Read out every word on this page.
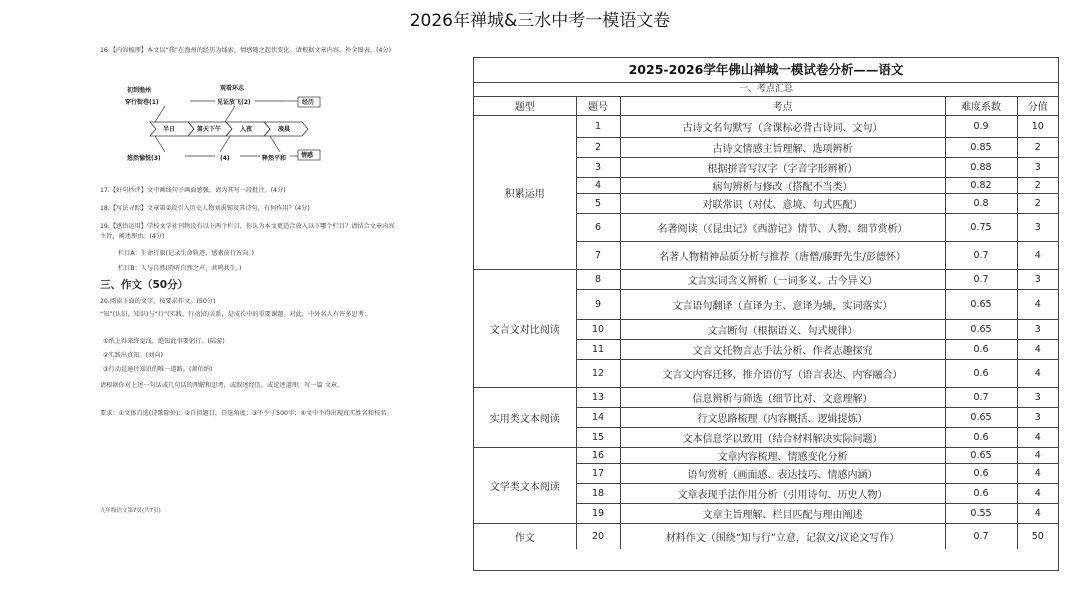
2026年禅城&三水中考一模语文卷

16.【内容梳理】本文以“我”在渔州的经历为线索，情感随之起伏变化。请根据文章内容，补全图表。(4分)

初到渔州	观看环志
穿行街巷(1)	见证放飞(2)	经历
悠然愉悦(3)	(4)	释然平和 情感
半日	第天下午	入夜	凌晨

17.【好句抄评】文中画线句子画面感强，请为其写一段批注。(4分)

18.【写法寻踪】文章第②段引入历史人物刘禹锡及其诗句，有何作用？(4分)

19.【感悟运用】学校文学社刊物设有以下两个栏目，你认为本文更适合放入以下哪个栏目？请结合文章内容主旨，阐述理由。(4分)

栏目A：生命行旅(记录生命轨迹，感素前行方向。)

栏目B：人与自然(聆听自然之声，共鸣共生。)

三、作文（50分）

20.阅读下面的文字，按要求作文。(50分)

“知”(认识、知识)与“行”(实践、行动)的关系，是成长中的重要课题。对此，中外名人有许多思考：

①纸上得来终觉浅，绝知此事要躬行。(陆游)

②实践出真知。(刘向)

③行动是通往知识的唯一道路。(萧伯纳)

请根据你对上述一句话或几句话的理解和思考，或叙述经历，或论述道理，写一篇 文章。

要求：①文体自选(诗歌除外)；②自拟题目，自选角度；③不少于500字；④文中不得出现真实姓名和校名。

九年级语文第7页(共7页)
2025-2026学年佛山禅城一模试卷分析——语文
一、考点汇总
题型	题号	考点	难度系数	分值
积累运用	1	古诗文名句默写（含课标必背古诗词、文句）	0.9	10
	2	古诗文情感主旨理解、选项辨析	0.85	2
	3	根据拼音写汉字（字音字形辨析）	0.88	3
	4	病句辨析与修改（搭配不当类）	0.82	2
	5	对联常识（对仗、意境、句式匹配）	0.8	2
	6	名著阅读（《昆虫记》《西游记》情节、人物、细节赏析）	0.75	3
	7	名著人物精神品质分析与推荐（唐僧/藤野先生/彭德怀）	0.7	4
文言文对比阅读	8	文言实词含义辨析（一词多义、古今异义）	0.7	3
	9	文言语句翻译（直译为主、意译为辅，实词落实）	0.65	4
	10	文言断句（根据语义、句式规律）	0.65	3
	11	文言文托物言志手法分析、作者志趣探究	0.6	4
	12	文言文内容迁移、推介语仿写（语言表达、内容融合）	0.6	4
实用类文本阅读	13	信息辨析与筛选（细节比对、文意理解）	0.7	3
	14	行文思路梳理（内容概括、逻辑提炼）	0.65	3
	15	文本信息学以致用（结合材料解决实际问题）	0.6	4
文学类文本阅读	16	文章内容梳理、情感变化分析	0.65	4
	17	语句赏析（画面感、表达技巧、情感内涵）	0.6	4
	18	文章表现手法作用分析（引用诗句、历史人物）	0.6	4
	19	文章主旨理解、栏目匹配与理由阐述	0.55	4
作文	20	材料作文（围绕“知与行”立意，记叙文/议论文写作）	0.7	50
